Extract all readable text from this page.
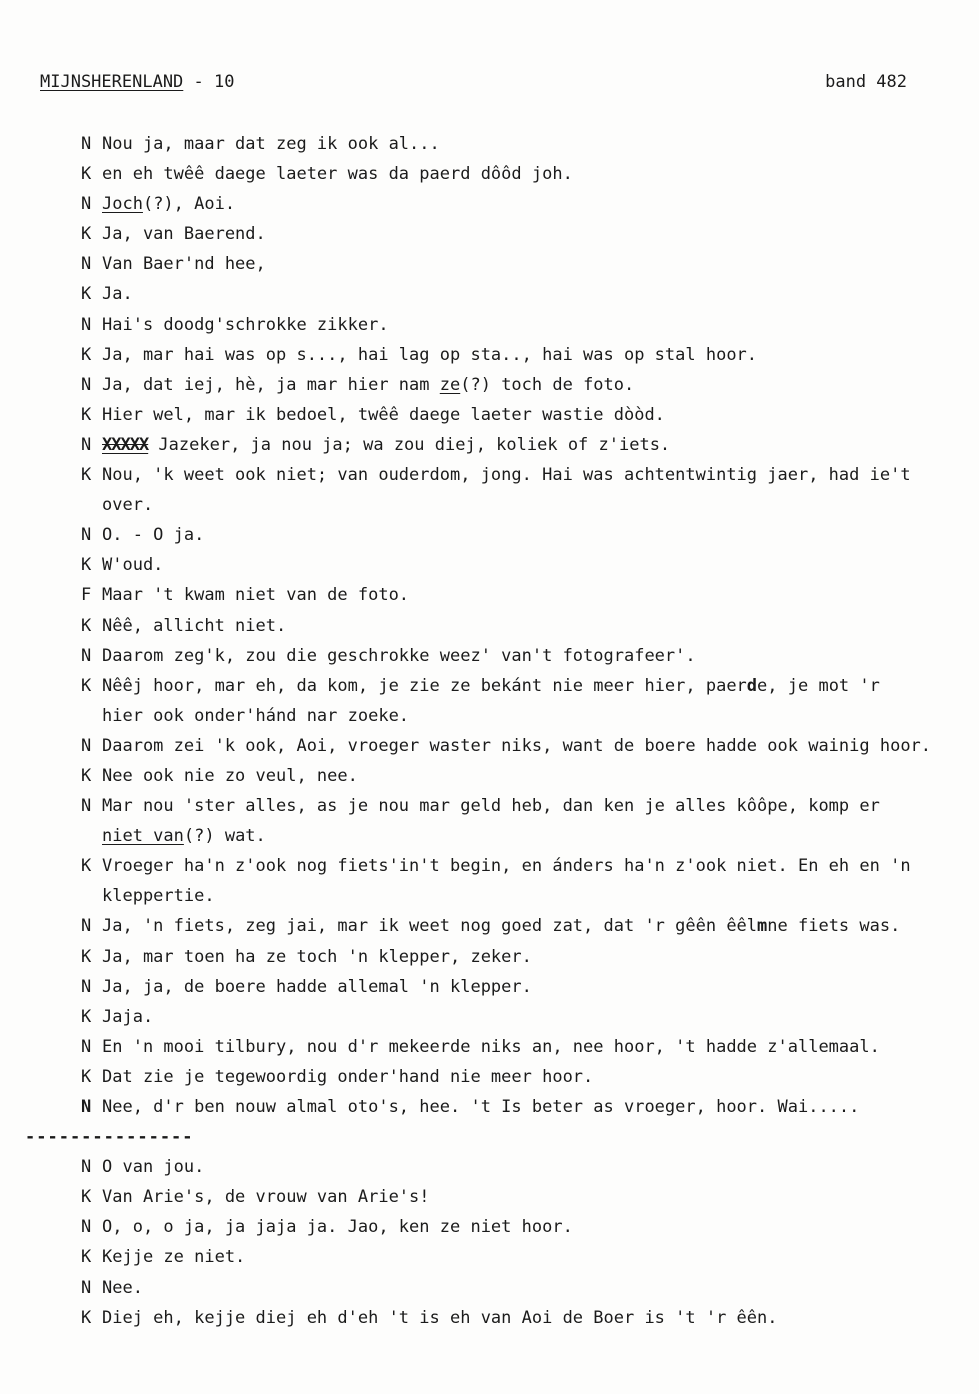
MIJNSHERENLAND - 10	band 482
N Nou ja, maar dat zeg ik ook al...
K en eh twêê daege laeter was da paerd dôôd joh.
N Joch(?), Aoi.
K Ja, van Baerend.
N Van Baer'nd hee,
K Ja.
N Hai's doodg'schrokke zikker.
K Ja, mar hai was op s..., hai lag op sta.., hai was op stal hoor.
N Ja, dat iej, hè, ja mar hier nam ze(?) toch de foto.
K Hier wel, mar ik bedoel, twêê daege laeter wastie dòòd.
N XXXXX Jazeker, ja nou ja; wa zou diej, koliek of z'iets.
K Nou, 'k weet ook niet; van ouderdom, jong. Hai was achtentwintig jaer, had ie't
over.
N O. - O ja.
K W'oud.
F Maar 't kwam niet van de foto.
K Nêê, allicht niet.
N Daarom zeg'k, zou die geschrokke weez' van't fotografeer'.
K Nêêj hoor, mar eh, da kom, je zie ze bekánt nie meer hier, paerde, je mot 'r
hier ook onder'hánd nar zoeke.
N Daarom zei 'k ook, Aoi, vroeger waster niks, want de boere hadde ook wainig hoor.
K Nee ook nie zo veul, nee.
N Mar nou 'ster alles, as je nou mar geld heb, dan ken je alles kôôpe, komp er
niet van(?) wat.
K Vroeger ha'n z'ook nog fiets'in't begin, en ánders ha'n z'ook niet. En eh en 'n
kleppertie.
N Ja, 'n fiets, zeg jai, mar ik weet nog goed zat, dat 'r gêên êêlmne fiets was.
K Ja, mar toen ha ze toch 'n klepper, zeker.
N Ja, ja, de boere hadde allemal 'n klepper.
K Jaja.
N En 'n mooi tilbury, nou d'r mekeerde niks an, nee hoor, 't hadde z'allemaal.
K Dat zie je tegewoordig onder'hand nie meer hoor.
N Nee, d'r ben nouw almal oto's, hee. 't Is beter as vroeger, hoor. Wai.....
---------------
N O van jou.
K Van Arie's, de vrouw van Arie's!
N O, o, o ja, ja jaja ja. Jao, ken ze niet hoor.
K Kejje ze niet.
N Nee.
K Diej eh, kejje diej eh d'eh 't is eh van Aoi de Boer is 't 'r êên.
